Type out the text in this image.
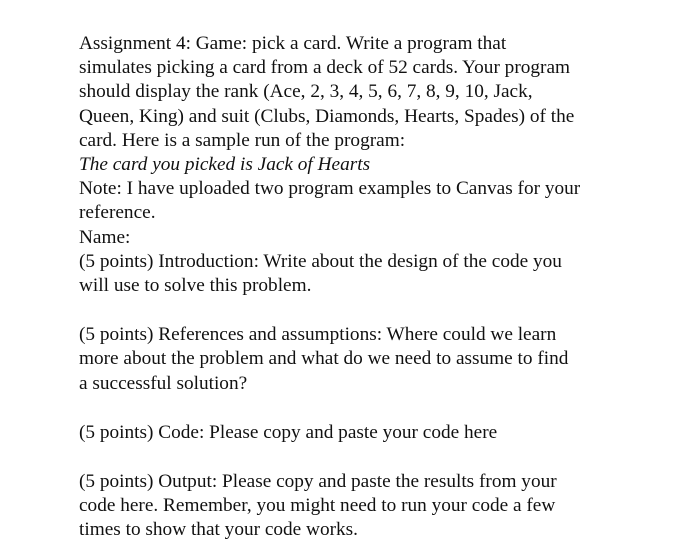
Assignment 4: Game: pick a card. Write a program that
simulates picking a card from a deck of 52 cards. Your program
should display the rank (Ace, 2, 3, 4, 5, 6, 7, 8, 9, 10, Jack,
Queen, King) and suit (Clubs, Diamonds, Hearts, Spades) of the
card. Here is a sample run of the program:
The card you picked is Jack of Hearts
Note: I have uploaded two program examples to Canvas for your
reference.
Name:
(5 points) Introduction: Write about the design of the code you
will use to solve this problem.
(5 points) References and assumptions: Where could we learn
more about the problem and what do we need to assume to find
a successful solution?
(5 points) Code: Please copy and paste your code here
(5 points) Output: Please copy and paste the results from your
code here. Remember, you might need to run your code a few
times to show that your code works.
